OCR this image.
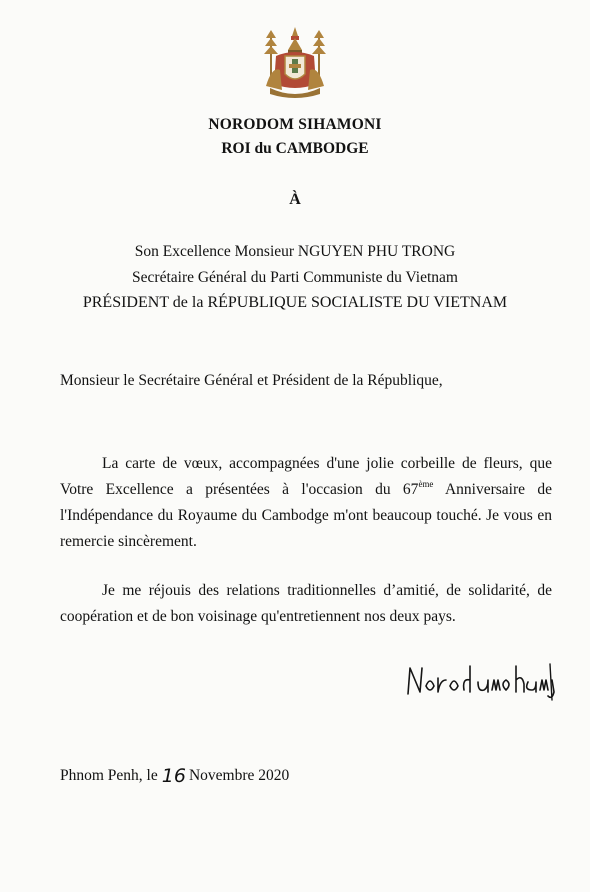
NORODOM SIHAMONI
ROI du CAMBODGE
À
Son Excellence Monsieur NGUYEN PHU TRONG
Secrétaire Général du Parti Communiste du Vietnam
PRÉSIDENT de la RÉPUBLIQUE SOCIALISTE DU VIETNAM
Monsieur le Secrétaire Général et Président de la République,
La carte de vœux, accompagnées d'une jolie corbeille de fleurs, que Votre Excellence a présentées à l'occasion du 67ème Anniversaire de l'Indépendance du Royaume du Cambodge m'ont beaucoup touché. Je vous en remercie sincèrement.
Je me réjouis des relations traditionnelles d’amitié, de solidarité, de coopération et de bon voisinage qu'entretiennent nos deux pays.
Phnom Penh, le 16 Novembre 2020
